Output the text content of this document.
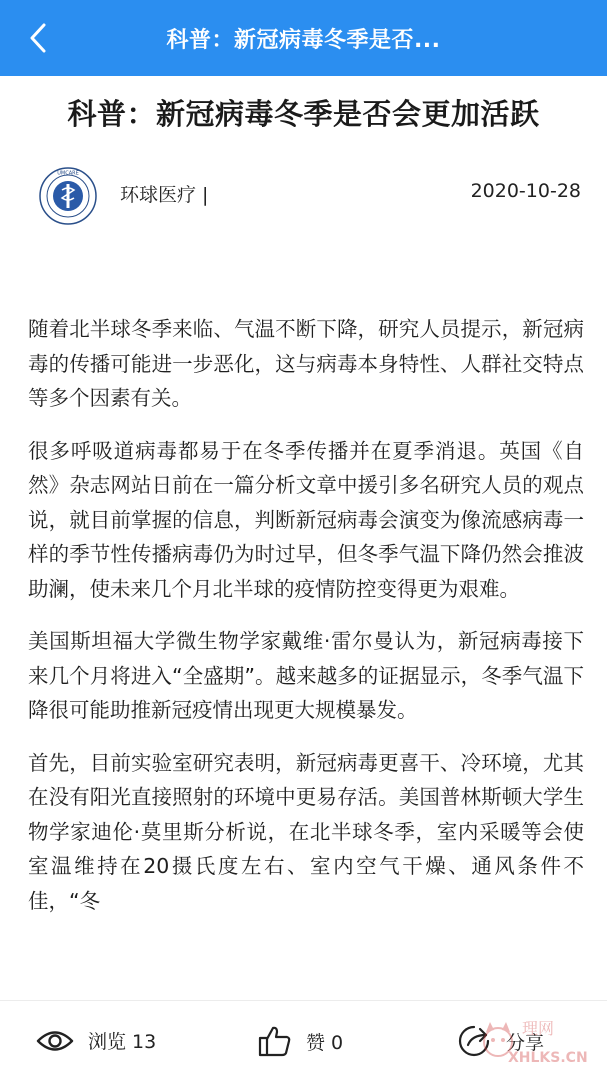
科普：新冠病毒冬季是否...
科普：新冠病毒冬季是否会更加活跃
UMCARE
环球医疗 |	2020-10-28

随着北半球冬季来临、气温不断下降，研究人员提示，新冠病毒的传播可能进一步恶化，这与病毒本身特性、人群社交特点等多个因素有关。

很多呼吸道病毒都易于在冬季传播并在夏季消退。英国《自然》杂志网站日前在一篇分析文章中援引多名研究人员的观点说，就目前掌握的信息，判断新冠病毒会演变为像流感病毒一样的季节性传播病毒仍为时过早，但冬季气温下降仍然会推波助澜，使未来几个月北半球的疫情防控变得更为艰难。

美国斯坦福大学微生物学家戴维·雷尔曼认为，新冠病毒接下来几个月将进入“全盛期”。越来越多的证据显示，冬季气温下降很可能助推新冠疫情出现更大规模暴发。

首先，目前实验室研究表明，新冠病毒更喜干、冷环境，尤其在没有阳光直接照射的环境中更易存活。美国普林斯顿大学生物学家迪伦·莫里斯分析说，在北半球冬季，室内采暖等会使室温维持在20摄氏度左右、室内空气干燥、通风条件不佳，“冬

浏览 13	赞 0	分享
理网
XHLKS.CN
